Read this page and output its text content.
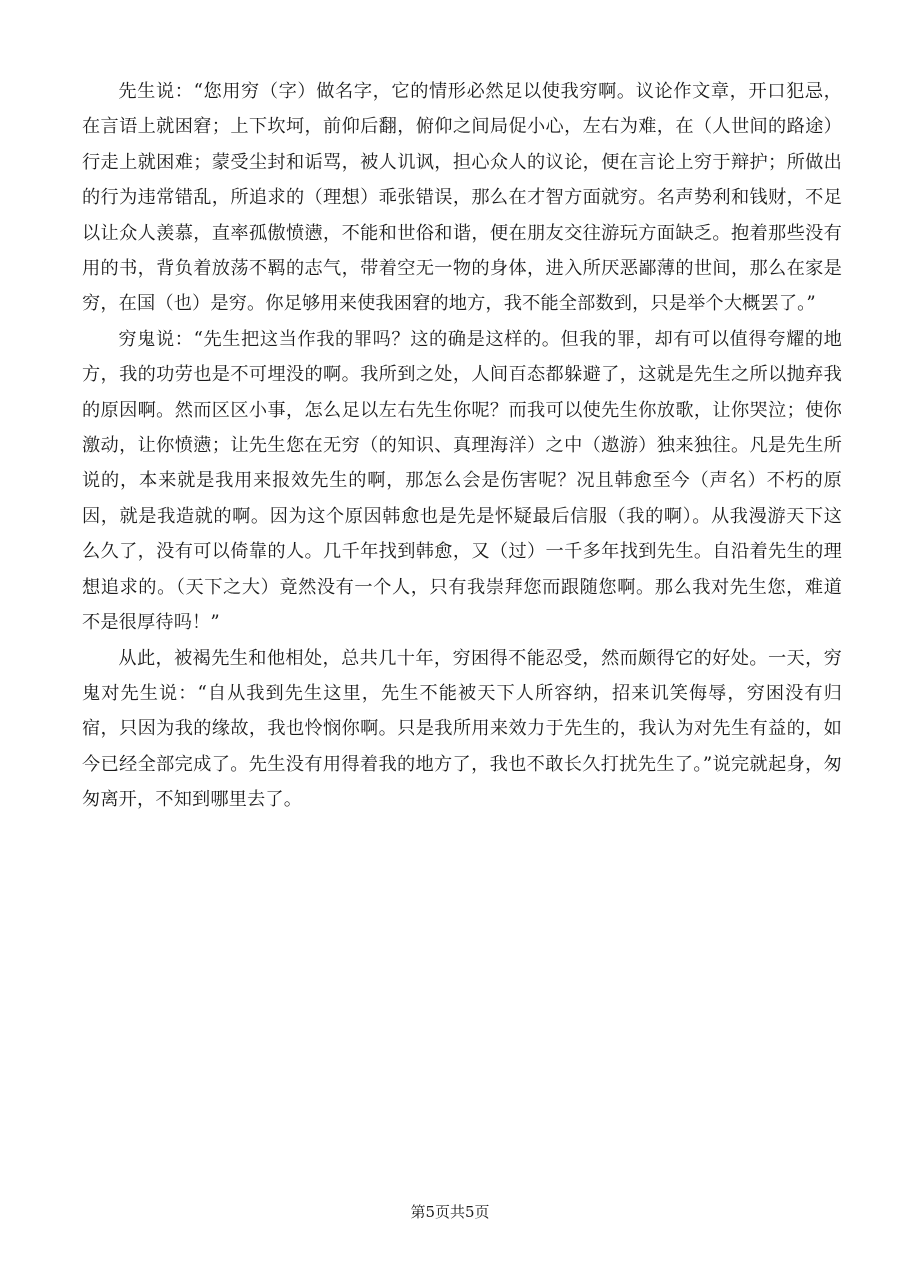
先生说：“您用穷（字）做名字，它的情形必然足以使我穷啊。议论作文章，开口犯忌，在言语上就困窘；上下坎坷，前仰后翻，俯仰之间局促小心，左右为难，在（人世间的路途）行走上就困难；蒙受尘封和诟骂，被人讥讽，担心众人的议论，便在言论上穷于辩护；所做出的行为违常错乱，所追求的（理想）乖张错误，那么在才智方面就穷。名声势利和钱财，不足以让众人羡慕，直率孤傲愤懑，不能和世俗和谐，便在朋友交往游玩方面缺乏。抱着那些没有用的书，背负着放荡不羁的志气，带着空无一物的身体，进入所厌恶鄙薄的世间，那么在家是穷，在国（也）是穷。你足够用来使我困窘的地方，我不能全部数到，只是举个大概罢了。”

穷鬼说：“先生把这当作我的罪吗？这的确是这样的。但我的罪，却有可以值得夸耀的地方，我的功劳也是不可埋没的啊。我所到之处，人间百态都躲避了，这就是先生之所以抛弃我的原因啊。然而区区小事，怎么足以左右先生你呢？而我可以使先生你放歌，让你哭泣；使你激动，让你愤懑；让先生您在无穷（的知识、真理海洋）之中（遨游）独来独往。凡是先生所说的，本来就是我用来报效先生的啊，那怎么会是伤害呢？况且韩愈至今（声名）不朽的原因，就是我造就的啊。因为这个原因韩愈也是先是怀疑最后信服（我的啊）。从我漫游天下这么久了，没有可以倚靠的人。几千年找到韩愈，又（过）一千多年找到先生。自沿着先生的理想追求的。（天下之大）竟然没有一个人，只有我崇拜您而跟随您啊。那么我对先生您，难道不是很厚待吗！”

从此，被褐先生和他相处，总共几十年，穷困得不能忍受，然而颇得它的好处。一天，穷鬼对先生说：“自从我到先生这里，先生不能被天下人所容纳，招来讥笑侮辱，穷困没有归宿，只因为我的缘故，我也怜悯你啊。只是我所用来效力于先生的，我认为对先生有益的，如今已经全部完成了。先生没有用得着我的地方了，我也不敢长久打扰先生了。”说完就起身，匆匆离开，不知到哪里去了。

第5页共5页
